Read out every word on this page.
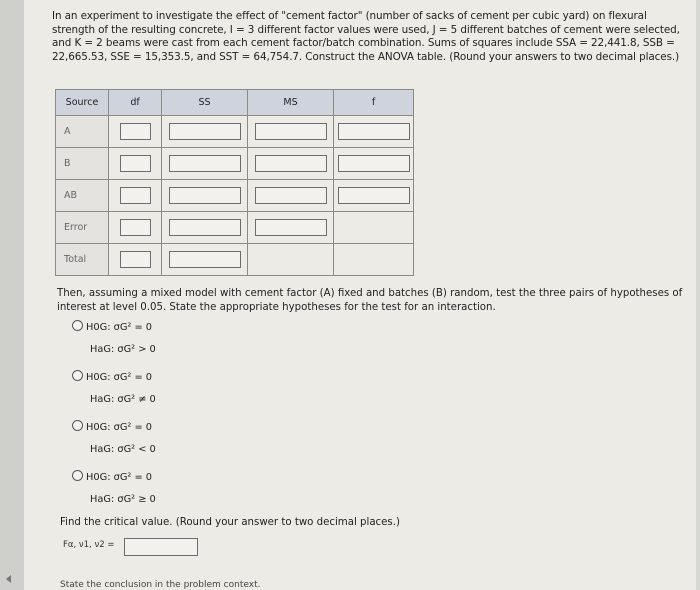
In an experiment to investigate the effect of "cement factor" (number of sacks of cement per cubic yard) on flexural strength of the resulting concrete, I = 3 different factor values were used, J = 5 different batches of cement were selected, and K = 2 beams were cast from each cement factor/batch combination. Sums of squares include SSA = 22,441.8, SSB = 22,665.53, SSE = 15,353.5, and SST = 64,754.7. Construct the ANOVA table. (Round your answers to two decimal places.)
Source	df	SS	MS	f
A				
B				
AB				
Error				
Total				
Then, assuming a mixed model with cement factor (A) fixed and batches (B) random, test the three pairs of hypotheses of interest at level 0.05. State the appropriate hypotheses for the test for an interaction.
H0G: σG² = 0
HaG: σG² > 0
H0G: σG² = 0
HaG: σG² ≠ 0
H0G: σG² = 0
HaG: σG² < 0
H0G: σG² = 0
HaG: σG² ≥ 0
Find the critical value. (Round your answer to two decimal places.)
Fα, ν1, ν2 =
State the conclusion in the problem context.
